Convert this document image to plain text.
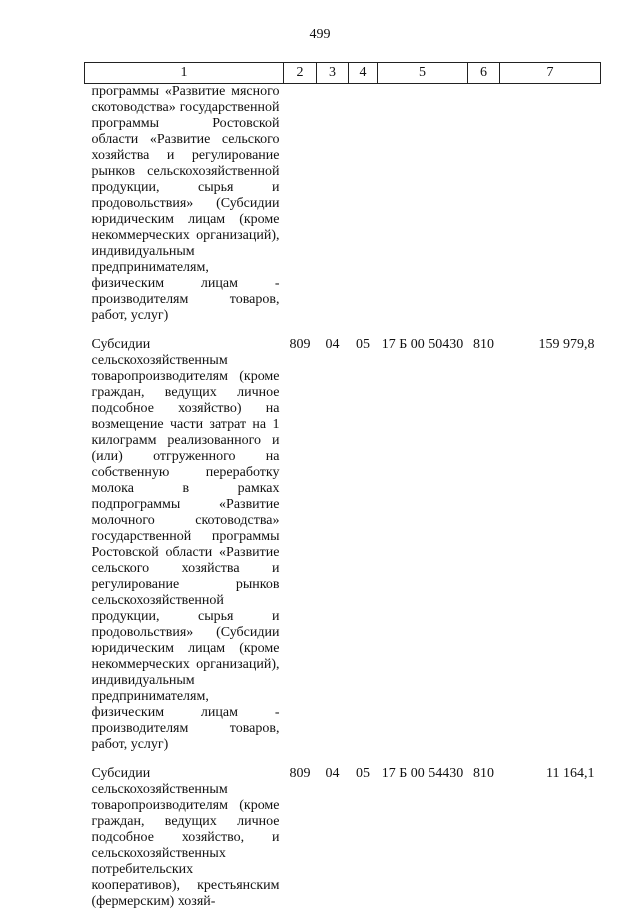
499
1	2	3	4	5	6	7
программы «Развитие мясного скотоводства» государственной программы Ростовской области «Развитие сельского хозяйства и регулирование рынков сельскохозяйственной продукции, сырья и продовольствия» (Субсидии юридическим лицам (кроме некоммерческих организаций), индивидуальным предпринимателям, физическим лицам - производителям товаров, работ, услуг)						
Субсидии сельскохозяйственным товаропроизводителям (кроме граждан, ведущих личное подсобное хозяйство) на возмещение части затрат на 1 килограмм реализованного и (или) отгруженного на собственную переработку молока в рамках подпрограммы «Развитие молочного скотоводства» государственной программы Ростовской области «Развитие сельского хозяйства и регулирование рынков сельскохозяйственной продукции, сырья и продовольствия» (Субсидии юридическим лицам (кроме некоммерческих организаций), индивидуальным предпринимателям, физическим лицам - производителям товаров, работ, услуг)	809	04	05	17 Б 00 50430	810	159 979,8
Субсидии сельскохозяйственным товаропроизводителям (кроме граждан, ведущих личное подсобное хозяйство, и сельскохозяйственных потребительских кооперативов), крестьянским (фермерским) хозяй-	809	04	05	17 Б 00 54430	810	11 164,1
